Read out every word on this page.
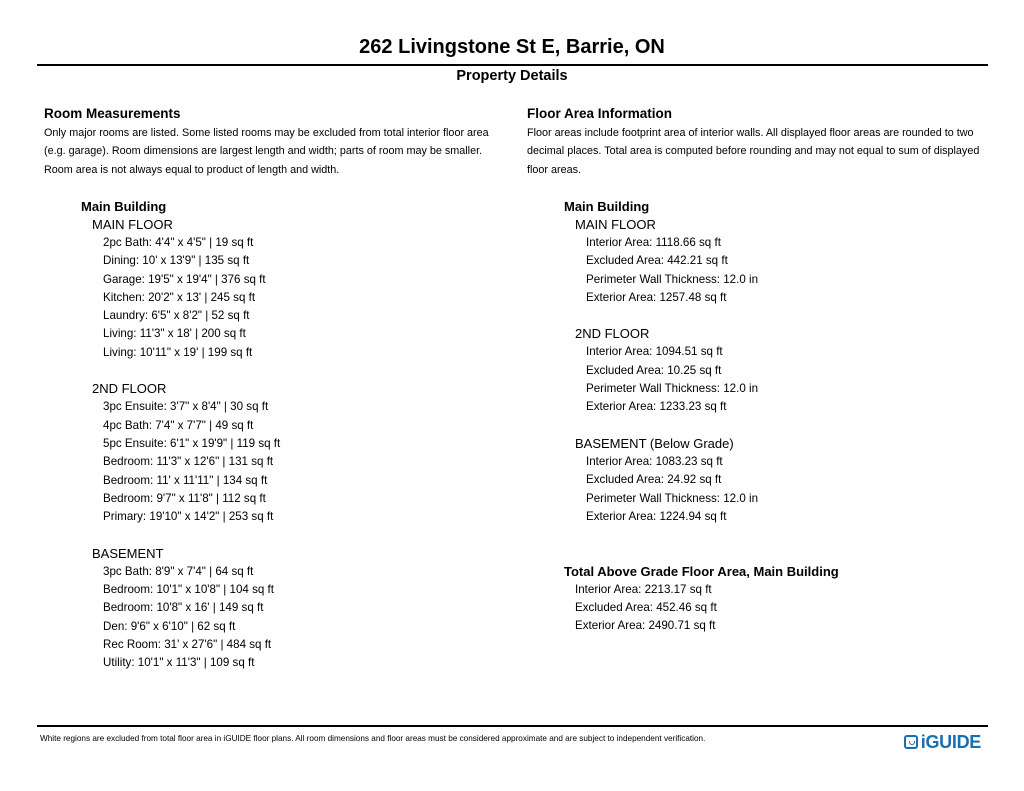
262 Livingstone St E, Barrie, ON
Property Details
Room Measurements
Only major rooms are listed. Some listed rooms may be excluded from total interior floor area
(e.g. garage). Room dimensions are largest length and width; parts of room may be smaller.
Room area is not always equal to product of length and width.
Main Building
MAIN FLOOR
2pc Bath: 4'4" x 4'5" | 19 sq ft
Dining: 10' x 13'9" | 135 sq ft
Garage: 19'5" x 19'4" | 376 sq ft
Kitchen: 20'2" x 13' | 245 sq ft
Laundry: 6'5" x 8'2" | 52 sq ft
Living: 11'3" x 18' | 200 sq ft
Living: 10'11" x 19' | 199 sq ft
2ND FLOOR
3pc Ensuite: 3'7" x 8'4" | 30 sq ft
4pc Bath: 7'4" x 7'7" | 49 sq ft
5pc Ensuite: 6'1" x 19'9" | 119 sq ft
Bedroom: 11'3" x 12'6" | 131 sq ft
Bedroom: 11' x 11'11" | 134 sq ft
Bedroom: 9'7" x 11'8" | 112 sq ft
Primary: 19'10" x 14'2" | 253 sq ft
BASEMENT
3pc Bath: 8'9" x 7'4" | 64 sq ft
Bedroom: 10'1" x 10'8" | 104 sq ft
Bedroom: 10'8" x 16' | 149 sq ft
Den: 9'6" x 6'10" | 62 sq ft
Rec Room: 31' x 27'6" | 484 sq ft
Utility: 10'1" x 11'3" | 109 sq ft
Floor Area Information
Floor areas include footprint area of interior walls. All displayed floor areas are rounded to two
decimal places. Total area is computed before rounding and may not equal to sum of displayed
floor areas.
Main Building
MAIN FLOOR
Interior Area: 1118.66 sq ft
Excluded Area: 442.21 sq ft
Perimeter Wall Thickness: 12.0 in
Exterior Area: 1257.48 sq ft
2ND FLOOR
Interior Area: 1094.51 sq ft
Excluded Area: 10.25 sq ft
Perimeter Wall Thickness: 12.0 in
Exterior Area: 1233.23 sq ft
BASEMENT (Below Grade)
Interior Area: 1083.23 sq ft
Excluded Area: 24.92 sq ft
Perimeter Wall Thickness: 12.0 in
Exterior Area: 1224.94 sq ft
Total Above Grade Floor Area, Main Building
Interior Area: 2213.17 sq ft
Excluded Area: 452.46 sq ft
Exterior Area: 2490.71 sq ft
White regions are excluded from total floor area in iGUIDE floor plans. All room dimensions and floor areas must be considered approximate and are subject to independent verification.	iGUIDE
